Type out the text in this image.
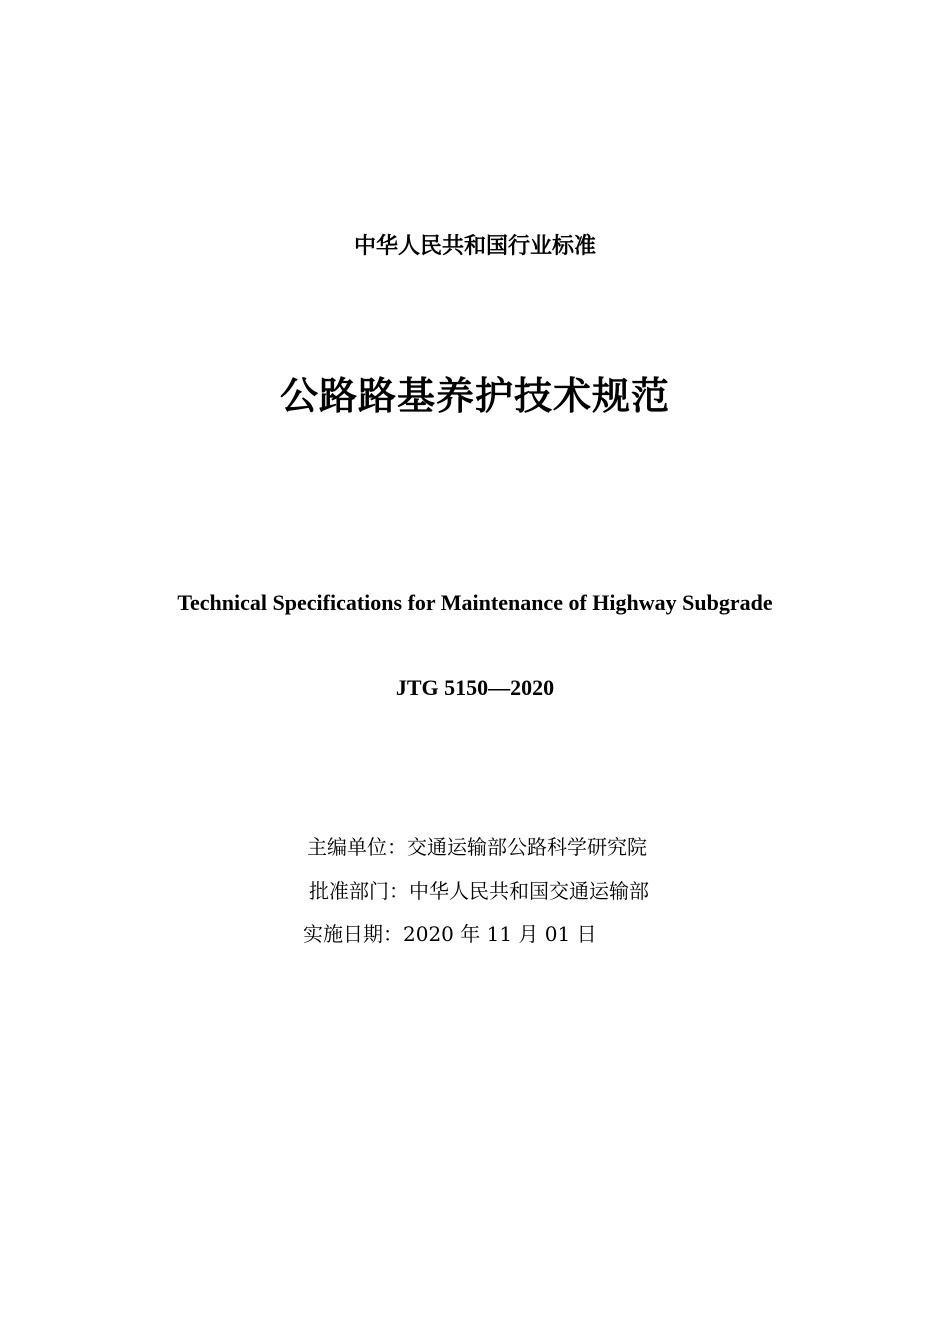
中华人民共和国行业标准
公路路基养护技术规范
Technical Specifications for Maintenance of Highway Subgrade
JTG 5150—2020
主编单位：交通运输部公路科学研究院
批准部门：中华人民共和国交通运输部
实施日期：2020 年 11 月 01 日
